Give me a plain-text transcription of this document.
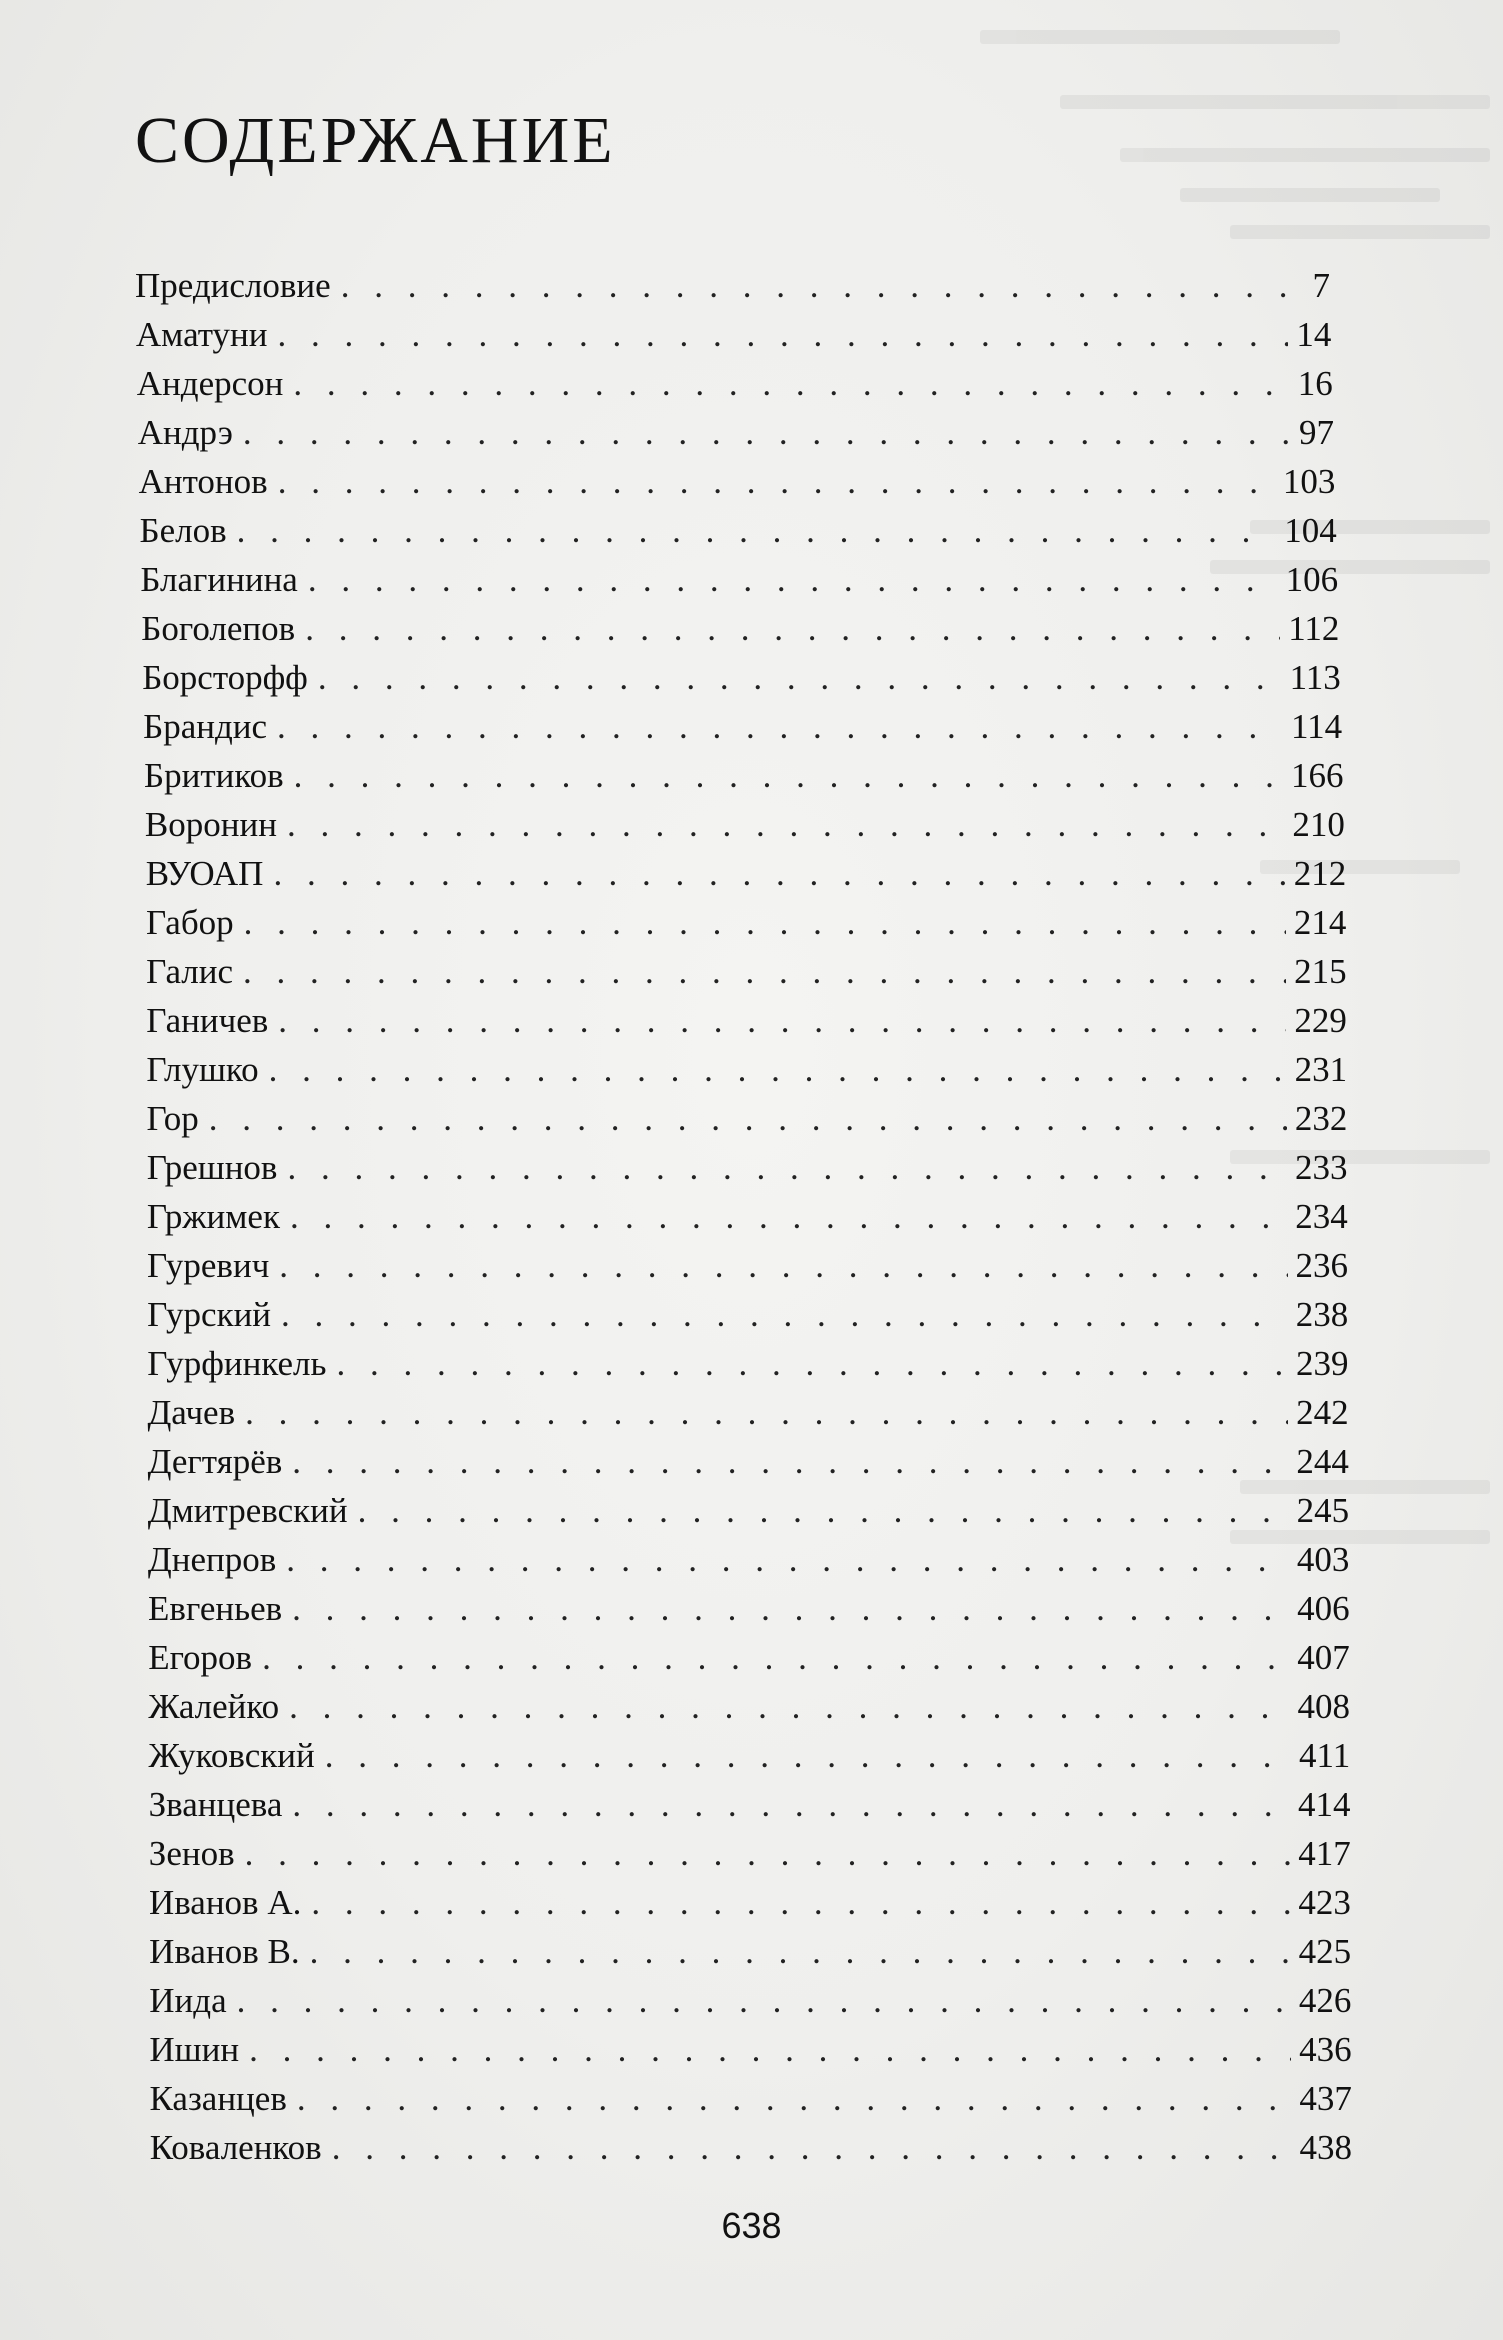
СОДЕРЖАНИЕ
Предисловие . . .	7
Аматуни . . .	14
Андерсон . . .	16
Андрэ . . .	97
Антонов . . .	103
Белов . . .	104
Благинина . . .	106
Боголепов . . .	112
Борсторфф . . .	113
Брандис . . .	114
Бритиков . . .	166
Воронин . . .	210
ВУОАП . . .	212
Габор . . .	214
Галис . . .	215
Ганичев . . .	229
Глушко . . .	231
Гор . . .	232
Грешнов . . .	233
Гржимек . . .	234
Гуревич . . .	236
Гурский . . .	238
Гурфинкель . . .	239
Дачев . . .	242
Дегтярёв . . .	244
Дмитревский . . .	245
Днепров . . .	403
Евгеньев . . .	406
Егоров . . .	407
Жалейко . . .	408
Жуковский . . .	411
Званцева . . .	414
Зенов . . .	417
Иванов А. . . .	423
Иванов В. . . .	425
Иида . . .	426
Ишин . . .	436
Казанцев . . .	437
Коваленков . . .	438
638
